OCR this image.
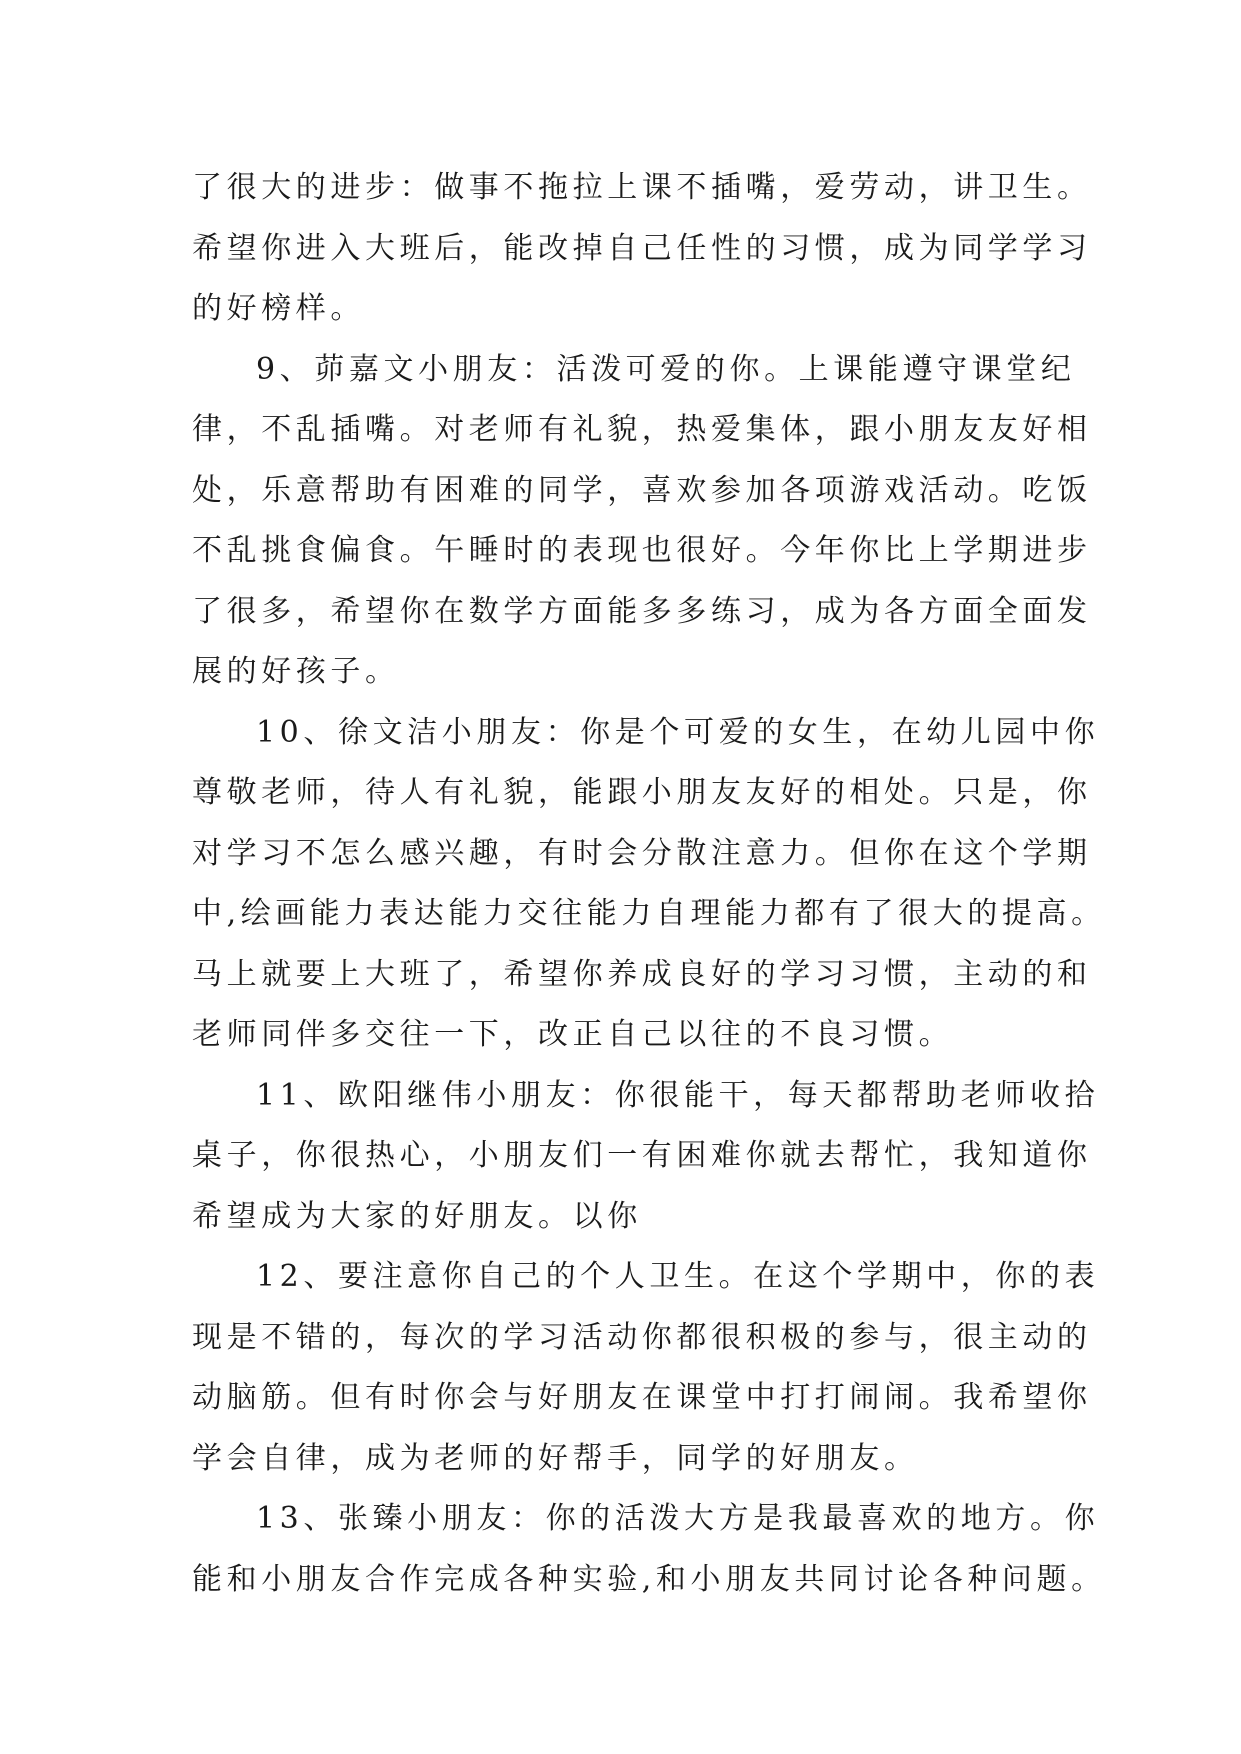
了很大的进步：做事不拖拉上课不插嘴，爱劳动，讲卫生。
希望你进入大班后，能改掉自己任性的习惯，成为同学学习
的好榜样。
9、茆嘉文小朋友：活泼可爱的你。上课能遵守课堂纪
律，不乱插嘴。对老师有礼貌，热爱集体，跟小朋友友好相
处，乐意帮助有困难的同学，喜欢参加各项游戏活动。吃饭
不乱挑食偏食。午睡时的表现也很好。今年你比上学期进步
了很多，希望你在数学方面能多多练习，成为各方面全面发
展的好孩子。
10、徐文洁小朋友：你是个可爱的女生，在幼儿园中你
尊敬老师，待人有礼貌，能跟小朋友友好的相处。只是，你
对学习不怎么感兴趣，有时会分散注意力。但你在这个学期
中,绘画能力表达能力交往能力自理能力都有了很大的提高。
马上就要上大班了，希望你养成良好的学习习惯，主动的和
老师同伴多交往一下，改正自己以往的不良习惯。
11、欧阳继伟小朋友：你很能干，每天都帮助老师收拾
桌子，你很热心，小朋友们一有困难你就去帮忙，我知道你
希望成为大家的好朋友。以你
12、要注意你自己的个人卫生。在这个学期中，你的表
现是不错的，每次的学习活动你都很积极的参与，很主动的
动脑筋。但有时你会与好朋友在课堂中打打闹闹。我希望你
学会自律，成为老师的好帮手，同学的好朋友。
13、张臻小朋友：你的活泼大方是我最喜欢的地方。你
能和小朋友合作完成各种实验,和小朋友共同讨论各种问题。
